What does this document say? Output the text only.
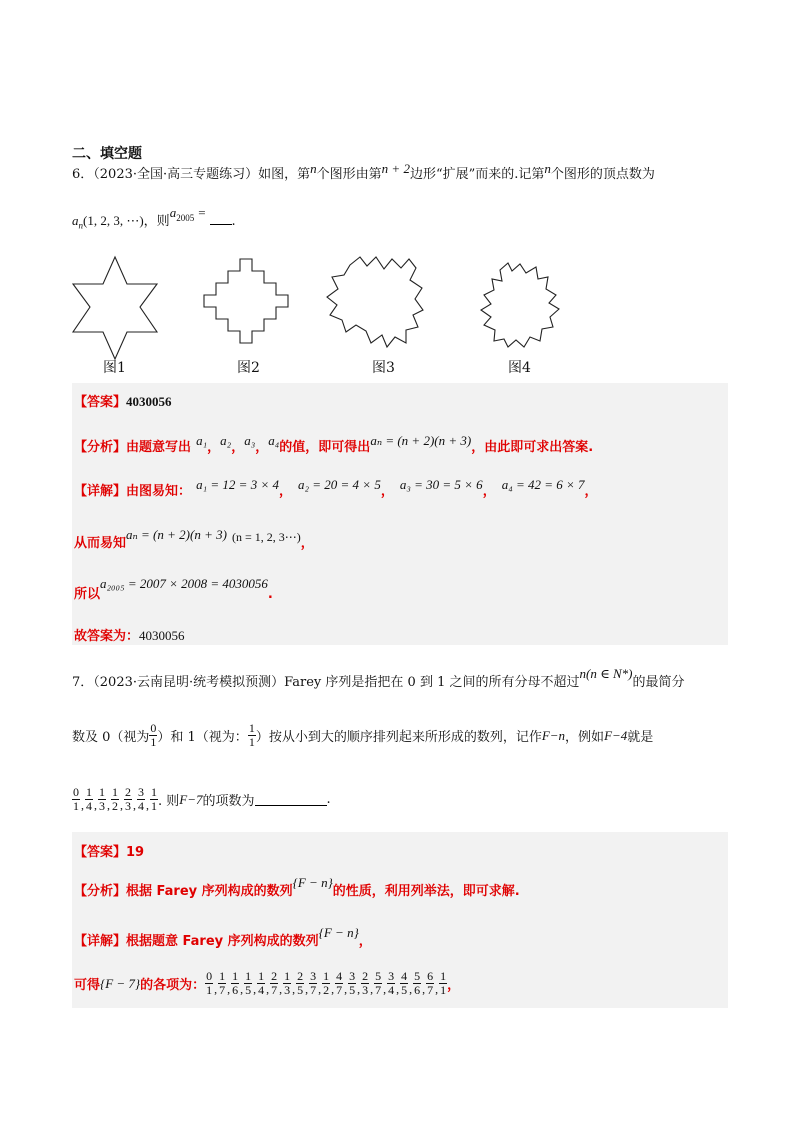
二、填空题
6．（2023·全国·高三专题练习）如图，第n个图形由第n + 2边形“扩展”而来的.记第n个图形的顶点数为
$a_n(1$, 2, 3, ⋯)，则$a_{2005}$ =.
图1	图2	图3	图4
【答案】4030056
【分析】由题意写出 $^{a_1}$，$^{a_2}$，$^{a_3}$，$^{a_4}$的值，即可得出$^{a_n = (n + 2)(n + 3)}$，由此即可求出答案.
【详解】由图易知： $^{a_1 = 12 = 3 \times 4}$， $^{a_2 = 20 = 4 \times 5}$， $^{a_3 = 30 = 5 \times 6}$， $^{a_4 = 42 = 6 \times 7}$，
从而易知$^{a_n = (n + 2)(n + 3)}$ $^{(n = 1, 2, 3\cdots)}$，
所以$^{a_{2005} = 2007 \times 2008 = 4030056}$.
故答案为：4030056
7．（2023·云南昆明·统考模拟预测）Farey 序列是指把在 0 到 1 之间的所有分母不超过n(n ∈ N*)的最简分
数及 0（视为 $\frac{0}{1}$ ）和 1（视为： $\frac{1}{1}$ ）按从小到大的顺序排列起来所形成的数列，记作 F−n ，例如 F−4 就是
$\frac{0}{1}$ , $\frac{1}{4}$ , $\frac{1}{3}$ , $\frac{1}{2}$ , $\frac{2}{3}$ , $\frac{3}{4}$ , $\frac{1}{1}$ . 则 F−7 的项数为	.
【答案】19
【分析】根据 Farey 序列构成的数列$^{\{F - n\}}$的性质，利用列举法，即可求解.
【详解】根据题意 Farey 序列构成的数列$^{\{F - n\}}$，
可得 {F − 7} 的各项为： $\frac{0}{1}$ , $\frac{1}{7}$ , $\frac{1}{6}$ , $\frac{1}{5}$ , $\frac{1}{4}$ , $\frac{2}{7}$ , $\frac{1}{3}$ , $\frac{2}{5}$ , $\frac{3}{7}$ , $\frac{1}{2}$ , $\frac{4}{7}$ , $\frac{3}{5}$ , $\frac{2}{3}$ , $\frac{5}{7}$ , $\frac{3}{4}$ , $\frac{4}{5}$ , $\frac{5}{6}$ , $\frac{6}{7}$ , $\frac{1}{1}$ ，
